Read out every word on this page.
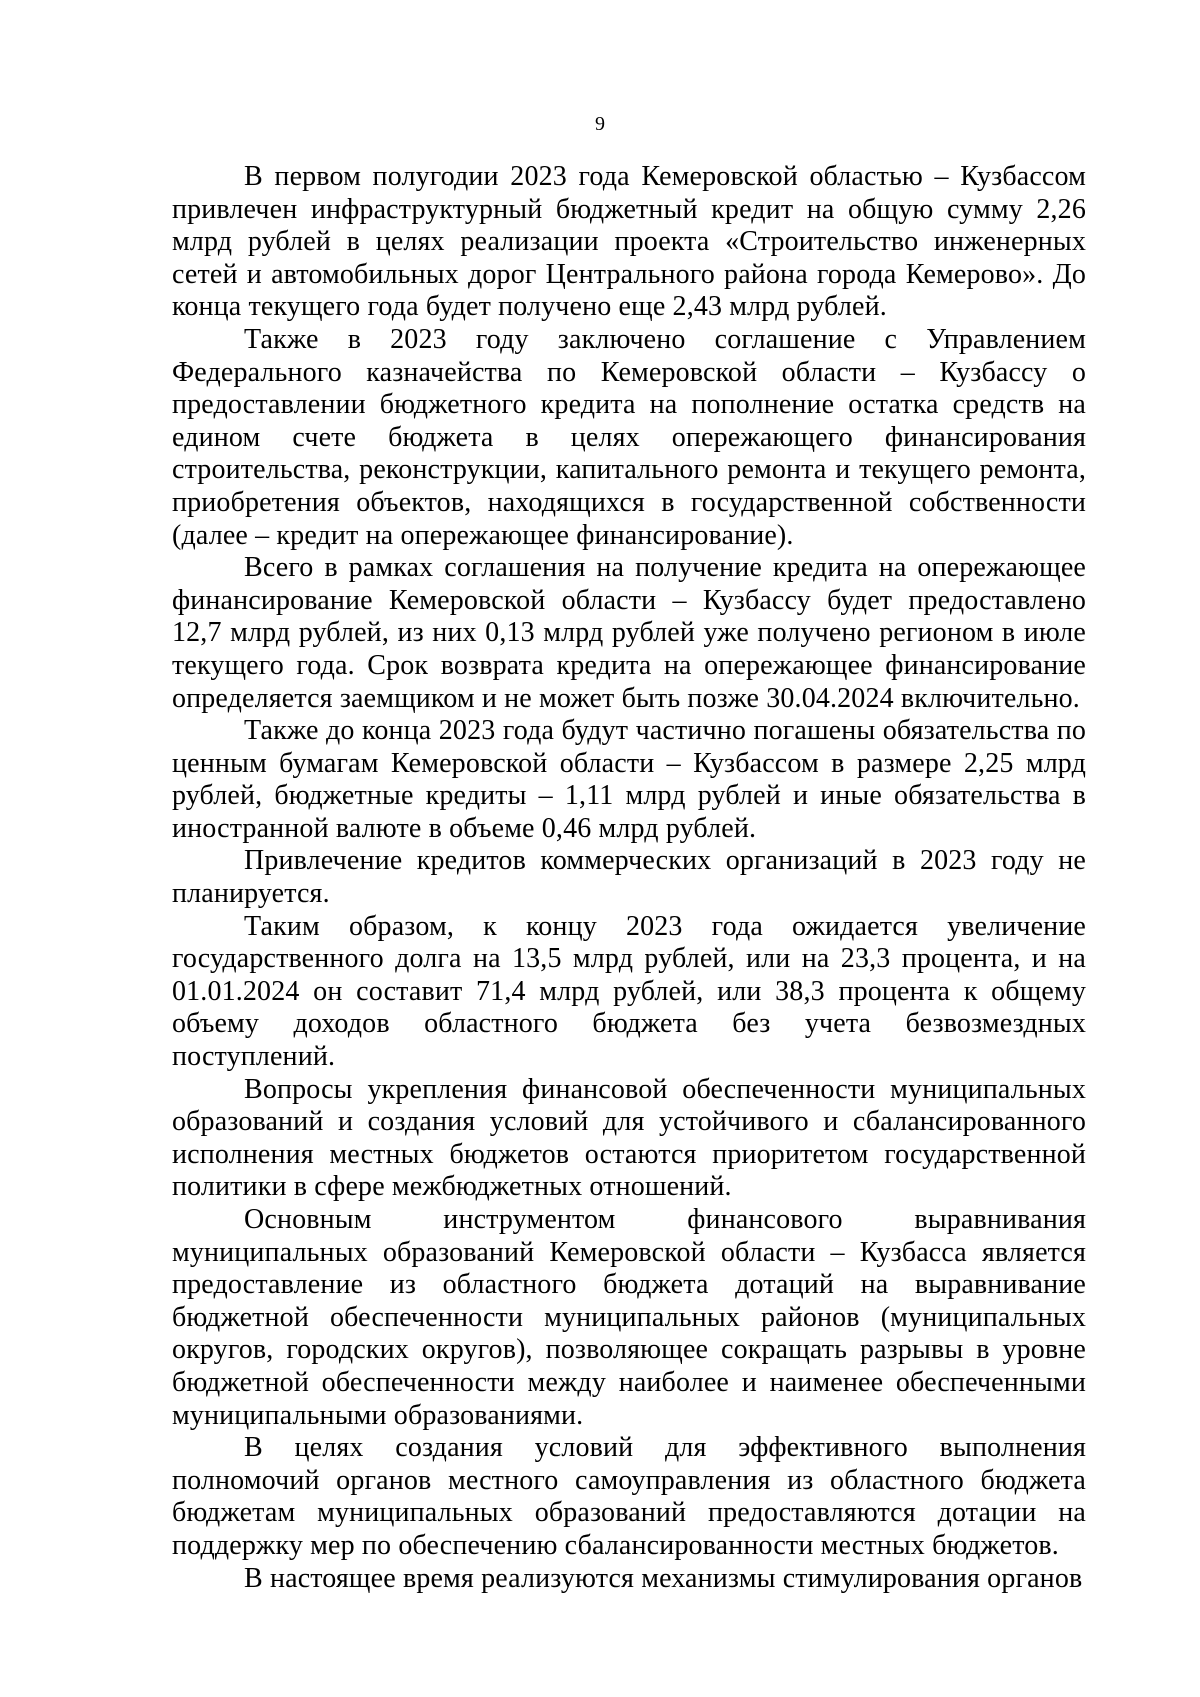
9

В первом полугодии 2023 года Кемеровской областью – Кузбассом привлечен инфраструктурный бюджетный кредит на общую сумму 2,26 млрд рублей в целях реализации проекта «Строительство инженерных сетей и автомобильных дорог Центрального района города Кемерово». До конца текущего года будет получено еще 2,43 млрд рублей.

Также в 2023 году заключено соглашение с Управлением Федерального казначейства по Кемеровской области – Кузбассу о предоставлении бюджетного кредита на пополнение остатка средств на едином счете бюджета в целях опережающего финансирования строительства, реконструкции, капитального ремонта и текущего ремонта, приобретения объектов, находящихся в государственной собственности (далее – кредит на опережающее финансирование).

Всего в рамках соглашения на получение кредита на опережающее финансирование Кемеровской области – Кузбассу будет предоставлено 12,7 млрд рублей, из них 0,13 млрд рублей уже получено регионом в июле текущего года. Срок возврата кредита на опережающее финансирование определяется заемщиком и не может быть позже 30.04.2024 включительно.

Также до конца 2023 года будут частично погашены обязательства по ценным бумагам Кемеровской области – Кузбассом в размере 2,25 млрд рублей, бюджетные кредиты – 1,11 млрд рублей и иные обязательства в иностранной валюте в объеме 0,46 млрд рублей.

Привлечение кредитов коммерческих организаций в 2023 году не планируется.

Таким образом, к концу 2023 года ожидается увеличение государственного долга на 13,5 млрд рублей, или на 23,3 процента, и на 01.01.2024 он составит 71,4 млрд рублей, или 38,3 процента к общему объему доходов областного бюджета без учета безвозмездных поступлений.

Вопросы укрепления финансовой обеспеченности муниципальных образований и создания условий для устойчивого и сбалансированного исполнения местных бюджетов остаются приоритетом государственной политики в сфере межбюджетных отношений.

Основным инструментом финансового выравнивания муниципальных образований Кемеровской области – Кузбасса является предоставление из областного бюджета дотаций на выравнивание бюджетной обеспеченности муниципальных районов (муниципальных округов, городских округов), позволяющее сокращать разрывы в уровне бюджетной обеспеченности между наиболее и наименее обеспеченными муниципальными образованиями.

В целях создания условий для эффективного выполнения полномочий органов местного самоуправления из областного бюджета бюджетам муниципальных образований предоставляются дотации на поддержку мер по обеспечению сбалансированности местных бюджетов.

В настоящее время реализуются механизмы стимулирования органов
